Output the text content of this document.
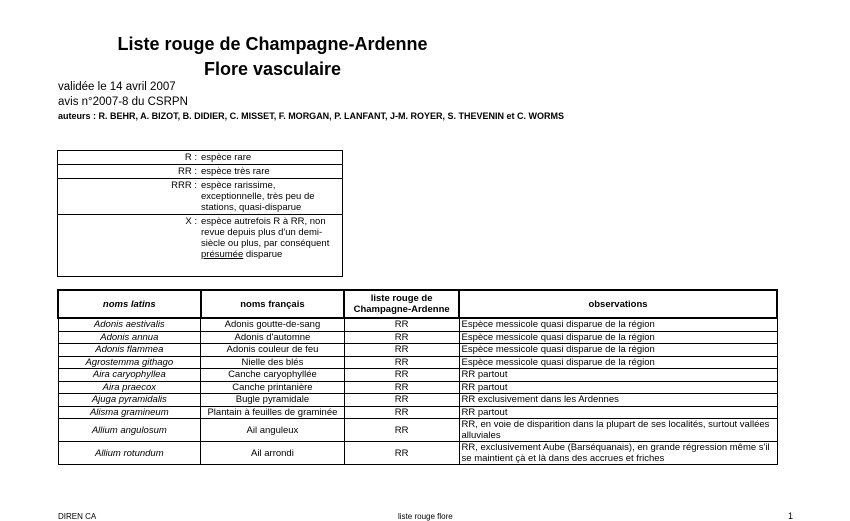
Liste rouge de Champagne-Ardenne
Flore vasculaire
validée le 14 avril 2007
avis n°2007-8 du CSRPN
auteurs : R. BEHR, A. BIZOT, B. DIDIER, C. MISSET, F. MORGAN, P. LANFANT, J-M. ROYER, S. THEVENIN et C. WORMS
R : espèce rare
RR : espèce très rare
RRR : espèce rarissime, exceptionnelle, très peu de stations, quasi-disparue
X : espèce autrefois R à RR, non revue depuis plus d'un demi-siècle ou plus, par conséquent présumée disparue
noms latins	noms français	liste rouge de Champagne-Ardenne	observations
Adonis aestivalis	Adonis goutte-de-sang	RR	Espèce messicole quasi disparue de la région
Adonis annua	Adonis d'automne	RR	Espèce messicole quasi disparue de la région
Adonis flammea	Adonis couleur de feu	RR	Espèce messicole quasi disparue de la région
Agrostemma githago	Nielle des blés	RR	Espèce messicole quasi disparue de la région
Aira caryophyllea	Canche caryophyllée	RR	RR partout
Aira praecox	Canche printanière	RR	RR partout
Ajuga pyramidalis	Bugle pyramidale	RR	RR exclusivement dans les Ardennes
Alisma gramineum	Plantain à feuilles de graminée	RR	RR partout
Allium angulosum	Ail anguleux	RR	RR, en voie de disparition dans la plupart de ses localités, surtout vallées alluviales
Allium rotundum	Ail arrondi	RR	RR, exclusivement Aube (Barséquanais), en grande régression même s'il se maintient çà et là dans des accrues et friches
DIREN CA	liste rouge flore	1
